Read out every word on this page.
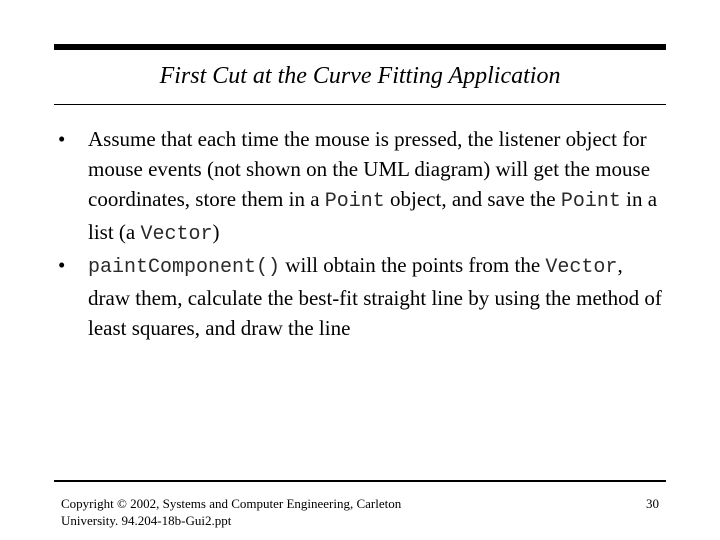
First Cut at the Curve Fitting Application
• Assume that each time the mouse is pressed, the listener object for mouse events (not shown on the UML diagram) will get the mouse coordinates, store them in a Point object, and save the Point in a list (a Vector)
• paintComponent() will obtain the points from the Vector, draw them, calculate the best-fit straight line by using the method of least squares, and draw the line
Copyright © 2002, Systems and Computer Engineering, Carleton
University. 94.204-18b-Gui2.ppt
30
